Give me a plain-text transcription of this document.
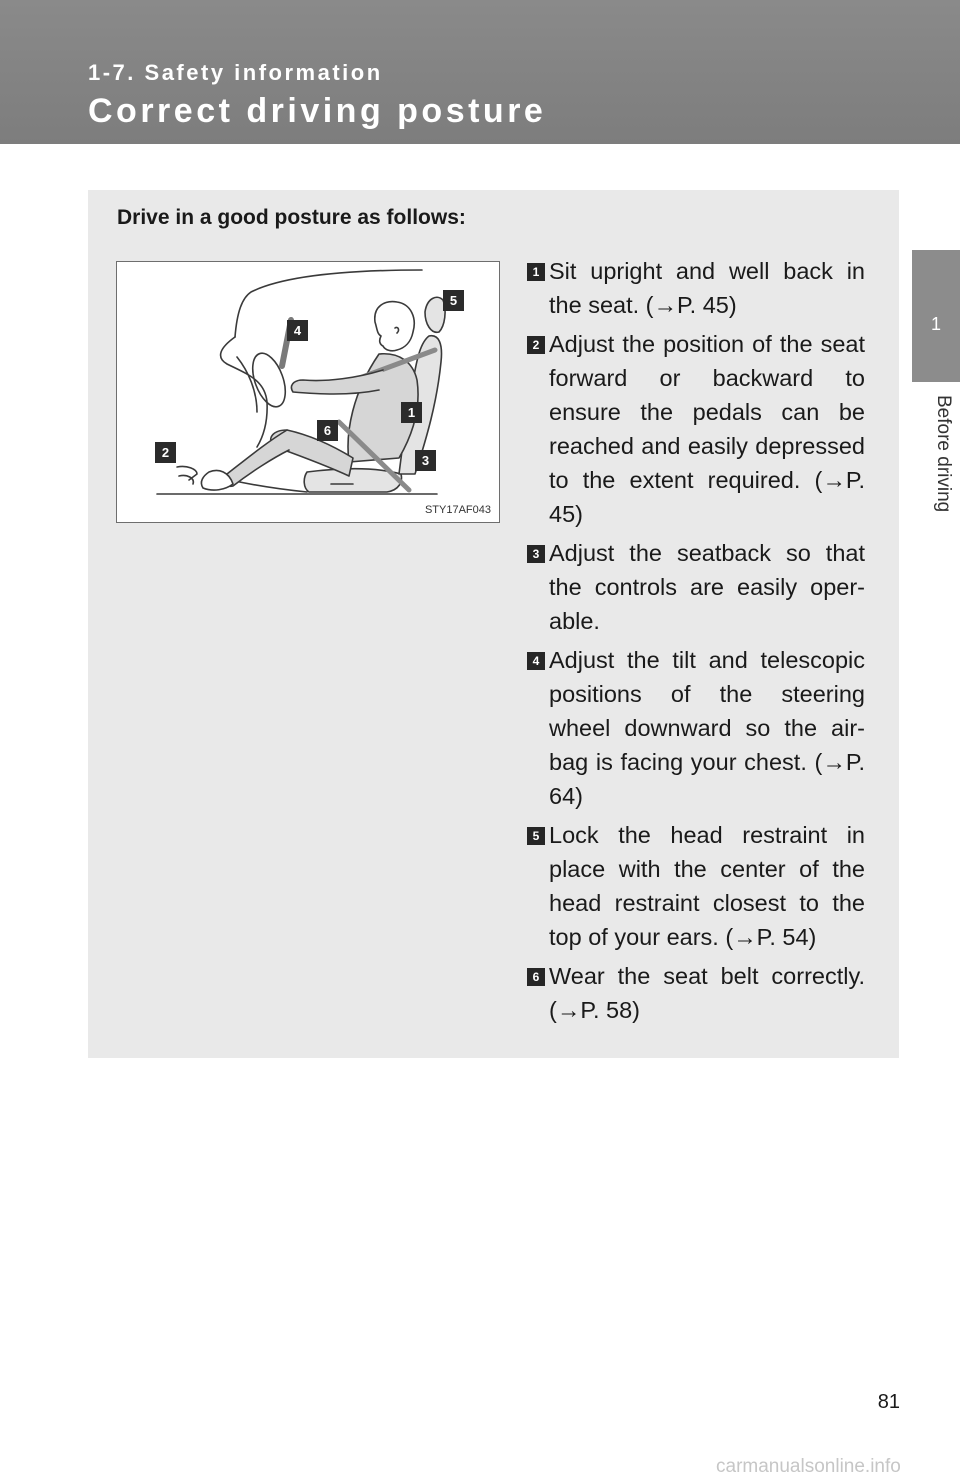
1-7. Safety information
Correct driving posture
1
Before driving
Drive in a good posture as follows:
1
2
3
4
5
6
STY17AF043
1 Sit upright and well back in the seat. (→P. 45)
2 Adjust the position of the seat forward or backward to ensure the pedals can be reached and easily depressed to the extent required. (→P. 45)
3 Adjust the seatback so that the controls are easily oper-able.
4 Adjust the tilt and telescopic positions of the steering wheel downward so the air-bag is facing your chest. (→P. 64)
5 Lock the head restraint in place with the center of the head restraint closest to the top of your ears. (→P. 54)
6 Wear the seat belt correctly. (→P. 58)
81
carmanualsonline.info
